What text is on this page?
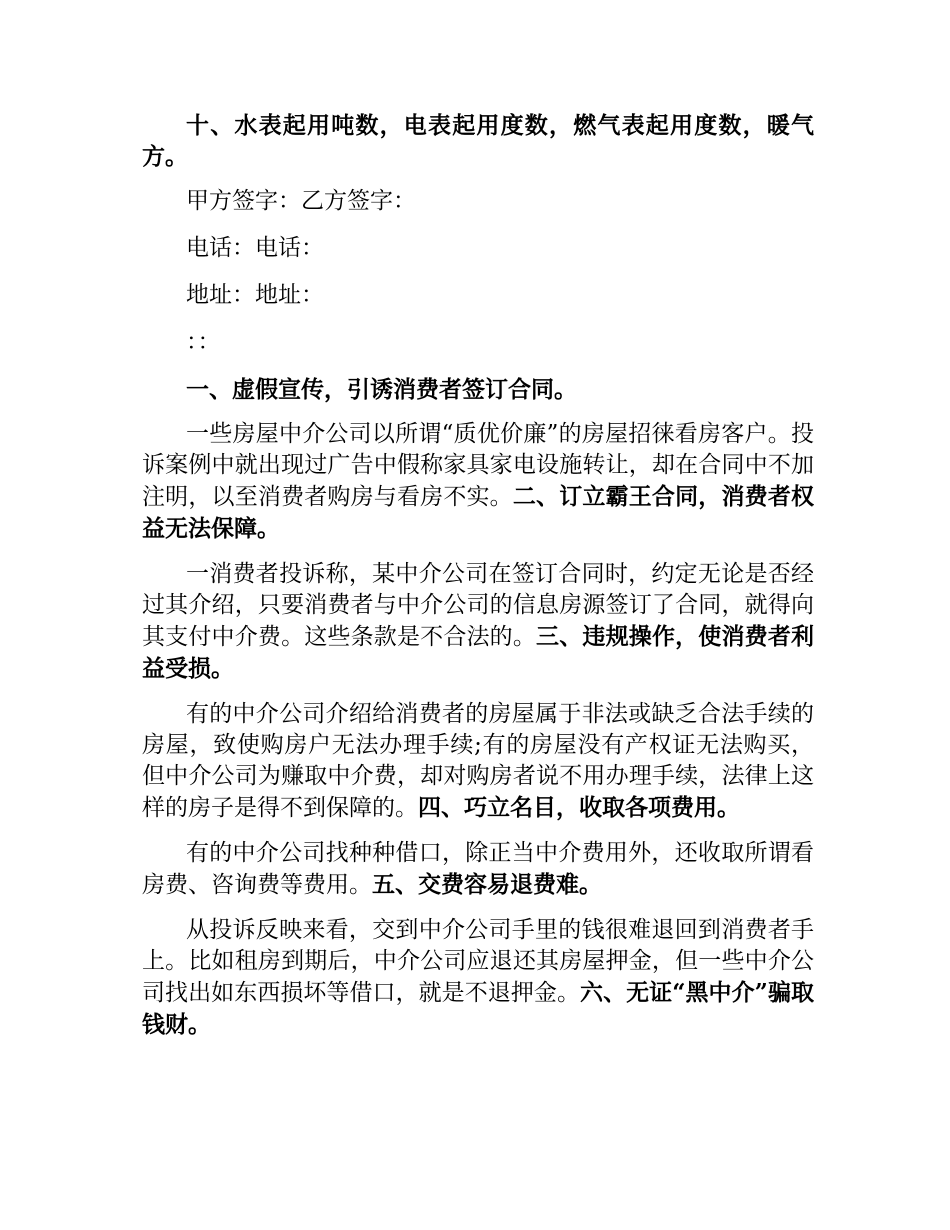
十、水表起用吨数，电表起用度数，燃气表起用度数，暖气方。

甲方签字：乙方签字：

电话：电话：

地址：地址：

：：

一、虚假宣传，引诱消费者签订合同。

一些房屋中介公司以所谓“质优价廉”的房屋招徕看房客户。投诉案例中就出现过广告中假称家具家电设施转让，却在合同中不加注明，以至消费者购房与看房不实。二、订立霸王合同，消费者权益无法保障。

一消费者投诉称，某中介公司在签订合同时，约定无论是否经过其介绍，只要消费者与中介公司的信息房源签订了合同，就得向其支付中介费。这些条款是不合法的。三、违规操作，使消费者利益受损。

有的中介公司介绍给消费者的房屋属于非法或缺乏合法手续的房屋，致使购房户无法办理手续;有的房屋没有产权证无法购买，但中介公司为赚取中介费，却对购房者说不用办理手续，法律上这样的房子是得不到保障的。四、巧立名目，收取各项费用。

有的中介公司找种种借口，除正当中介费用外，还收取所谓看房费、咨询费等费用。五、交费容易退费难。

从投诉反映来看，交到中介公司手里的钱很难退回到消费者手上。比如租房到期后，中介公司应退还其房屋押金，但一些中介公司找出如东西损坏等借口，就是不退押金。六、无证“黑中介”骗取钱财。
